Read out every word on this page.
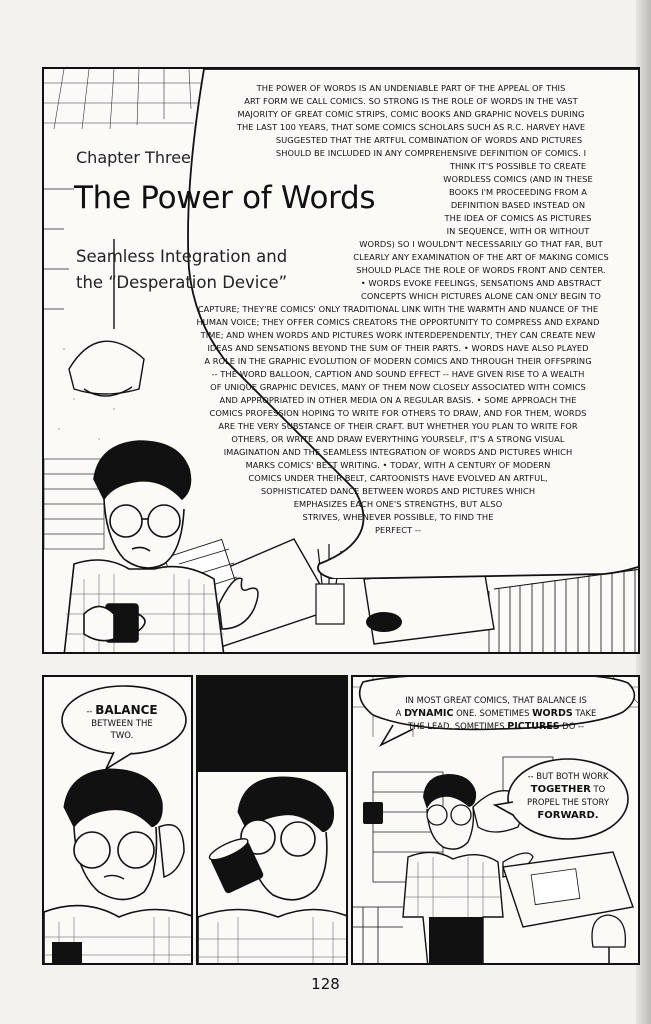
Chapter Three
The Power of Words
Seamless Integration and
the “Desperation Device”
THE POWER OF WORDS IS AN UNDENIABLE PART OF THE APPEAL OF THIS
ART FORM WE CALL COMICS. SO STRONG IS THE ROLE OF WORDS IN THE VAST
MAJORITY OF GREAT COMIC STRIPS, COMIC BOOKS AND GRAPHIC NOVELS DURING
THE LAST 100 YEARS, THAT SOME COMICS SCHOLARS SUCH AS R.C. HARVEY HAVE
SUGGESTED THAT THE ARTFUL COMBINATION OF WORDS AND PICTURES
SHOULD BE INCLUDED IN ANY COMPREHENSIVE DEFINITION OF COMICS. I
THINK IT'S POSSIBLE TO CREATE
WORDLESS COMICS (AND IN THESE
BOOKS I'M PROCEEDING FROM A
DEFINITION BASED INSTEAD ON
THE IDEA OF COMICS AS PICTURES
IN SEQUENCE, WITH OR WITHOUT
WORDS) SO I WOULDN'T NECESSARILY GO THAT FAR, BUT
CLEARLY ANY EXAMINATION OF THE ART OF MAKING COMICS
SHOULD PLACE THE ROLE OF WORDS FRONT AND CENTER.
• WORDS EVOKE FEELINGS, SENSATIONS AND ABSTRACT
CONCEPTS WHICH PICTURES ALONE CAN ONLY BEGIN TO
CAPTURE; THEY'RE COMICS' ONLY TRADITIONAL LINK WITH THE WARMTH AND NUANCE OF THE
HUMAN VOICE; THEY OFFER COMICS CREATORS THE OPPORTUNITY TO COMPRESS AND EXPAND
TIME; AND WHEN WORDS AND PICTURES WORK INTERDEPENDENTLY, THEY CAN CREATE NEW
IDEAS AND SENSATIONS BEYOND THE SUM OF THEIR PARTS. • WORDS HAVE ALSO PLAYED
A ROLE IN THE GRAPHIC EVOLUTION OF MODERN COMICS AND THROUGH THEIR OFFSPRING
-- THE WORD BALLOON, CAPTION AND SOUND EFFECT -- HAVE GIVEN RISE TO A WEALTH
OF UNIQUE GRAPHIC DEVICES, MANY OF THEM NOW CLOSELY ASSOCIATED WITH COMICS
AND APPROPRIATED IN OTHER MEDIA ON A REGULAR BASIS. • SOME APPROACH THE
COMICS PROFESSION HOPING TO WRITE FOR OTHERS TO DRAW, AND FOR THEM, WORDS
ARE THE VERY SUBSTANCE OF THEIR CRAFT. BUT WHETHER YOU PLAN TO WRITE FOR
OTHERS, OR WRITE AND DRAW EVERYTHING YOURSELF, IT'S A STRONG VISUAL
IMAGINATION AND THE SEAMLESS INTEGRATION OF WORDS AND PICTURES WHICH
MARKS COMICS' BEST WRITING. • TODAY, WITH A CENTURY OF MODERN
COMICS UNDER THEIR BELT, CARTOONISTS HAVE EVOLVED AN ARTFUL,
SOPHISTICATED DANCE BETWEEN WORDS AND PICTURES WHICH
EMPHASIZES EACH ONE'S STRENGTHS, BUT ALSO
STRIVES, WHENEVER POSSIBLE, TO FIND THE
PERFECT --
-- BALANCE
BETWEEN THE
TWO.
IN MOST GREAT COMICS, THAT BALANCE IS
A DYNAMIC ONE. SOMETIMES WORDS TAKE
THE LEAD, SOMETIMES PICTURES DO --
-- BUT BOTH WORK
TOGETHER TO
PROPEL THE STORY
FORWARD.
128
